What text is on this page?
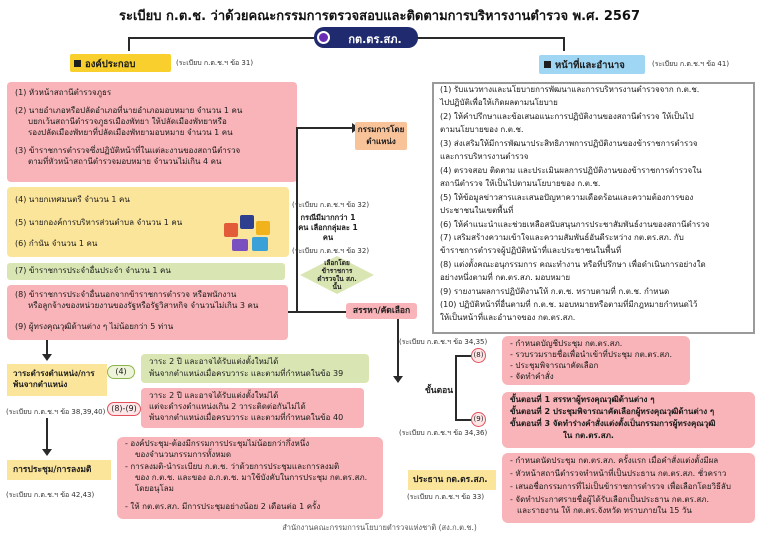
ระเบียบ ก.ต.ช. ว่าด้วยคณะกรรมการตรวจสอบและติดตามการบริหารงานตำรวจ พ.ศ. 2567
กต.ตร.สภ.
องค์ประกอบ	(ระเบียบ ก.ต.ช.ฯ ข้อ 31)
(1) หัวหน้าสถานีตำรวจภูธร
(2) นายอำเภอหรือปลัดอำเภอที่นายอำเภอมอบหมาย จำนวน 1 คน
บยกเว้นสถานีตำรวจภูธรเมืองพัทยา ให้ปลัดเมืองพัทยาหรือ
รองปลัดเมืองพัทยาที่ปลัดเมืองพัทยามอบหมาย จำนวน 1 คน
(3) ข้าราชการตำรวจซึ่งปฏิบัติหน้าที่ในแต่ละงานของสถานีตำรวจ
ตามที่หัวหน้าสถานีตำรวจมอบหมาย จำนวนไม่เกิน 4 คน
(4) นายกเทศมนตรี จำนวน 1 คน
(5) นายกองค์การบริหารส่วนตำบล จำนวน 1 คน
(6) กำนัน จำนวน 1 คน
(7) ข้าราชการประจำอื่นประจำ จำนวน 1 คน
(8) ข้าราชการประจำอื่นนอกจากข้าราชการตำรวจ หรือพนักงาน
หรือลูกจ้างของหน่วยงานของรัฐหรือรัฐวิสาหกิจ จำนวนไม่เกิน 3 คน
(9) ผู้ทรงคุณวุฒิด้านต่าง ๆ ไม่น้อยกว่า 5 ท่าน
กรรมการโดยตำแหน่ง
(ระเบียบ ก.ต.ช.ฯ ข้อ 32)
กรณีมีมากกว่า 1 คน เลือกกลุ่มละ 1 คน
(ระเบียบ ก.ต.ช.ฯ ข้อ 32)
เลือกโดยข้าราชการตำรวจใน สภ. นั้น
สรรหา/คัดเลือก
ขั้นตอน
(ระเบียบ ก.ต.ช.ฯ ข้อ 34,35)
(ระเบียบ ก.ต.ช.ฯ ข้อ 34,36)
(8)
- กำหนดบัญชีประชุม กต.ตร.สภ.
- รวบรวมรายชื่อเพื่อนำเข้าที่ประชุม กต.ตร.สภ.
- ประชุมพิจารณาคัดเลือก
- จัดทำคำสั่ง
(9)
ขั้นตอนที่ 1 สรรหาผู้ทรงคุณวุฒิด้านต่าง ๆ
ขั้นตอนที่ 2 ประชุมพิจารณาคัดเลือกผู้ทรงคุณวุฒิด้านต่าง ๆ
ขั้นตอนที่ 3 จัดทำร่างคำสั่งแต่งตั้งเป็นกรรมการผู้ทรงคุณวุฒิ
ใน กต.ตร.สภ.
วาระดำรงตำแหน่ง/การพ้นจากตำแหน่ง
(ระเบียบ ก.ต.ช.ฯ ข้อ 38,39,40)
(4)
วาระ 2 ปี และอาจได้รับแต่งตั้งใหม่ได้
พ้นจากตำแหน่งเมื่อครบวาระ และตามที่กำหนดในข้อ 39
(8)-(9)
วาระ 2 ปี และอาจได้รับแต่งตั้งใหม่ได้
แต่จะดำรงตำแหน่งเกิน 2 วาระติดต่อกันไม่ได้
พ้นจากตำแหน่งเมื่อครบวาระ และตามที่กำหนดในข้อ 40
การประชุม/การลงมติ
(ระเบียบ ก.ต.ช.ฯ ข้อ 42,43)
- องค์ประชุม-ต้องมีกรรมการประชุมไม่น้อยกว่ากึ่งหนึ่ง
ของจำนวนกรรมการทั้งหมด
- การลงมติ-นำระเบียบ ก.ต.ช. ว่าด้วยการประชุมและการลงมติ
ของ ก.ต.ช. และของ อ.ก.ต.ช. มาใช้บังคับในการประชุม กต.ตร.สภ.
โดยอนุโลม
- ให้ กต.ตร.สภ. มีการประชุมอย่างน้อย 2 เดือนต่อ 1 ครั้ง
ประธาน กต.ตร.สภ.
(ระเบียบ ก.ต.ช.ฯ ข้อ 33)
- กำหนดนัดประชุม กต.ตร.สภ. ครั้งแรก เมื่อคำสั่งแต่งตั้งมีผล
- หัวหน้าสถานีตำรวจทำหน้าที่เป็นประธาน กต.ตร.สภ. ชั่วคราว
- เสนอชื่อกรรมการที่ไม่เป็นข้าราชการตำรวจ เพื่อเลือกโดยวิธีลับ
- จัดทำประกาศรายชื่อผู้ได้รับเลือกเป็นประธาน กต.ตร.สภ.
และรายงาน ให้ กต.ตร.จังหวัด ทราบภายใน 15 วัน
หน้าที่และอำนาจ	(ระเบียบ ก.ต.ช.ฯ ข้อ 41)
(1) รับแนวทางและนโยบายการพัฒนาและการบริหารงานตำรวจจาก ก.ต.ช.
ไปปฏิบัติเพื่อให้เกิดผลตามนโยบาย
(2) ให้คำปรึกษาและข้อเสนอแนะการปฏิบัติงานของสถานีตำรวจ ให้เป็นไป
ตามนโยบายของ ก.ต.ช.
(3) ส่งเสริมให้มีการพัฒนาประสิทธิภาพการปฏิบัติงานของข้าราชการตำรวจ
และการบริหารงานตำรวจ
(4) ตรวจสอบ ติดตาม และประเมินผลการปฏิบัติงานของข้าราชการตำรวจใน
สถานีตำรวจ ให้เป็นไปตามนโยบายของ ก.ต.ช.
(5) ให้ข้อมูลข่าวสารและเสนอปัญหาความเดือดร้อนและความต้องการของ
ประชาชนในเขตพื้นที่
(6) ให้คำแนะนำและช่วยเหลือสนับสนุนการประชาสัมพันธ์งานของสถานีตำรวจ
(7) เสริมสร้างความเข้าใจและความสัมพันธ์อันดีระหว่าง กต.ตร.สภ. กับ
ข้าราชการตำรวจผู้ปฏิบัติหน้าที่และประชาชนในพื้นที่
(8) แต่งตั้งคณะอนุกรรมการ คณะทำงาน หรือที่ปรึกษา เพื่อดำเนินการอย่างใด
อย่างหนึ่งตามที่ กต.ตร.สภ. มอบหมาย
(9) รายงานผลการปฏิบัติงานให้ ก.ต.ช. ทราบตามที่ ก.ต.ช. กำหนด
(10) ปฏิบัติหน้าที่อื่นตามที่ ก.ต.ช. มอบหมายหรือตามที่มีกฎหมายกำหนดไว้
ให้เป็นหน้าที่และอำนาจของ กต.ตร.สภ.
สำนักงานคณะกรรมการนโยบายตำรวจแห่งชาติ (สง.ก.ต.ช.)
